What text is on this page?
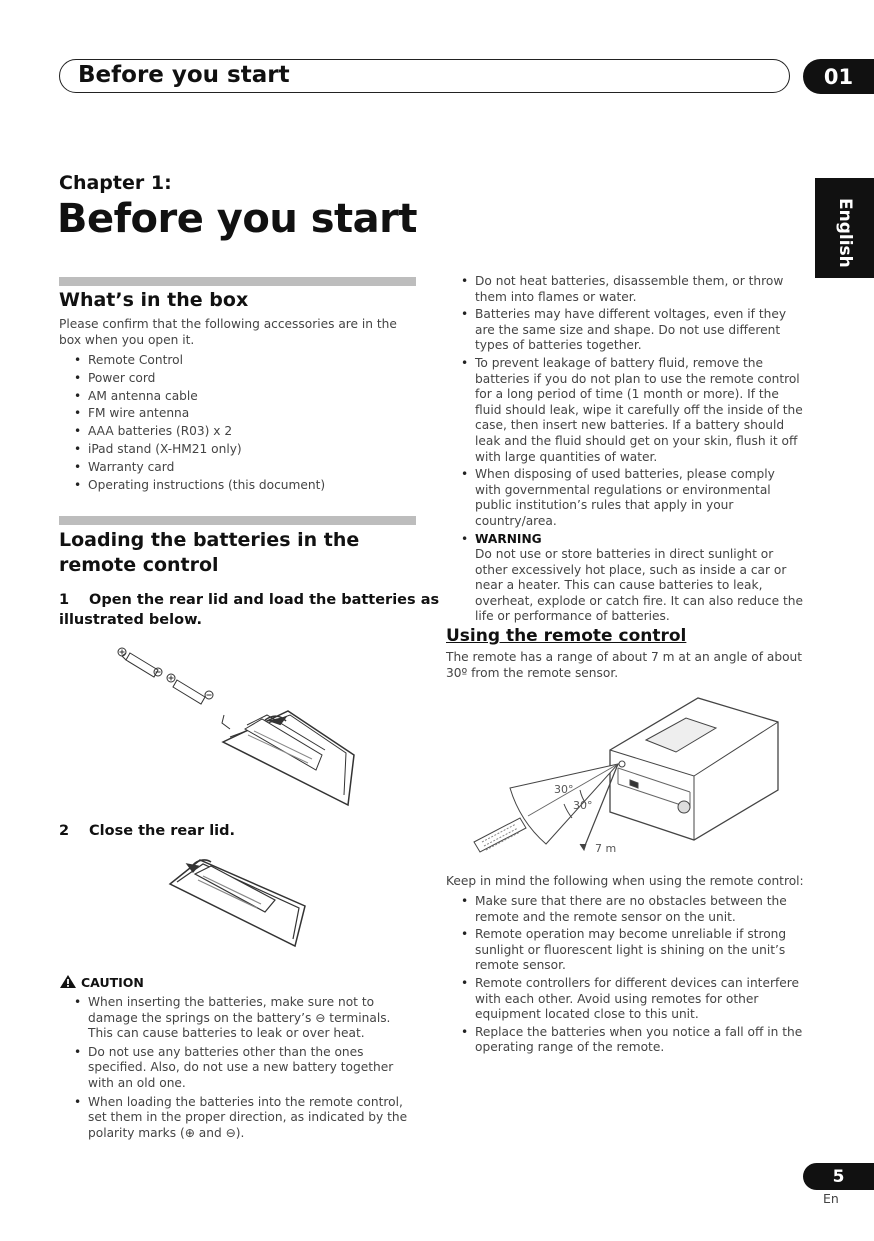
Before you start	01
English
Chapter 1:
Before you start
What’s in the box
Please confirm that the following accessories are in the box when you open it.
• Remote Control
• Power cord
• AM antenna cable
• FM wire antenna
• AAA batteries (R03) x 2
• iPad stand (X-HM21 only)
• Warranty card
• Operating instructions (this document)
Loading the batteries in the
remote control
1 Open the rear lid and load the batteries as
illustrated below.
2 Close the rear lid.
CAUTION
• When inserting the batteries, make sure not to damage the springs on the battery’s ⊖ terminals. This can cause batteries to leak or over heat.
• Do not use any batteries other than the ones specified. Also, do not use a new battery together with an old one.
• When loading the batteries into the remote control, set them in the proper direction, as indicated by the polarity marks (⊕ and ⊖).
• Do not heat batteries, disassemble them, or throw them into flames or water.
• Batteries may have different voltages, even if they are the same size and shape. Do not use different types of batteries together.
• To prevent leakage of battery fluid, remove the batteries if you do not plan to use the remote control for a long period of time (1 month or more). If the fluid should leak, wipe it carefully off the inside of the case, then insert new batteries. If a battery should leak and the fluid should get on your skin, flush it off with large quantities of water.
• When disposing of used batteries, please comply with governmental regulations or environmental public institution’s rules that apply in your country/area.
• WARNING
Do not use or store batteries in direct sunlight or other excessively hot place, such as inside a car or near a heater. This can cause batteries to leak, overheat, explode or catch fire. It can also reduce the life or performance of batteries.
Using the remote control
The remote has a range of about 7 m at an angle of about 30º from the remote sensor.
30°
30°
7 m
Keep in mind the following when using the remote control:
• Make sure that there are no obstacles between the remote and the remote sensor on the unit.
• Remote operation may become unreliable if strong sunlight or fluorescent light is shining on the unit’s remote sensor.
• Remote controllers for different devices can interfere with each other. Avoid using remotes for other equipment located close to this unit.
• Replace the batteries when you notice a fall off in the operating range of the remote.
5
En
